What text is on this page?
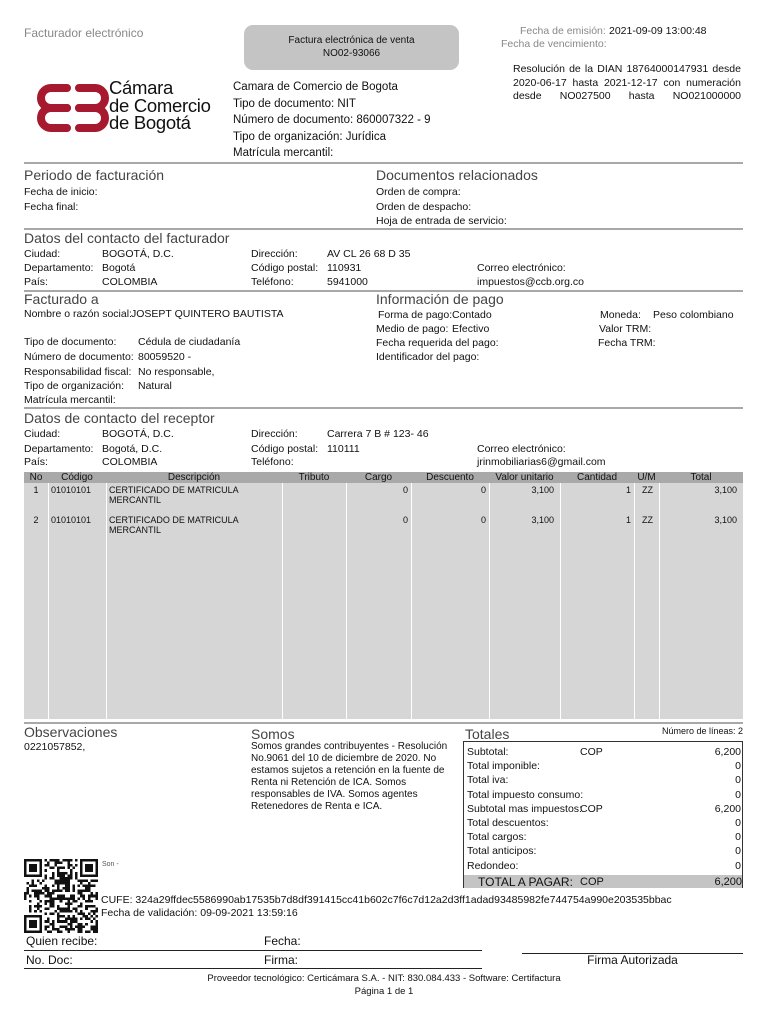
Facturador electrónico
Factura electrónica de venta
NO02-93066
Fecha de emisión: 2021-09-09 13:00:48
Fecha de vencimiento:
Resolución de la DIAN 18764000147931 desde
2020-06-17 hasta 2021-12-17 con numeración
desde NO027500 hasta NO021000000
Cámara
de Comercio
de Bogotá
Camara de Comercio de Bogota
Tipo de documento: NIT
Número de documento: 860007322 - 9
Tipo de organización: Jurídica
Matrícula mercantil:
Periodo de facturación
Fecha de inicio:
Fecha final:
Documentos relacionados
Orden de compra:
Orden de despacho:
Hoja de entrada de servicio:
Datos del contacto del facturador
Ciudad:	BOGOTÁ, D.C.
Departamento: Bogotá
País:	COLOMBIA
Dirección:	AV CL 26 68 D 35
Código postal: 110931
Teléfono:	5941000
Correo electrónico:
impuestos@ccb.org.co
Facturado a
Nombre o razón social: JOSEPT QUINTERO BAUTISTA
Tipo de documento: Cédula de ciudadanía
Número de documento: 80059520 -
Responsabilidad fiscal: No responsable,
Tipo de organización: Natural
Matrícula mercantil:
Información de pago
Forma de pago: Contado
Medio de pago: Efectivo
Fecha requerida del pago:
Identificador del pago:
Moneda: Peso colombiano
Valor TRM:
Fecha TRM:
Datos de contacto del receptor
Ciudad:	BOGOTÁ, D.C.
Departamento: Bogotá, D.C.
País:	COLOMBIA
Dirección:	Carrera 7 B # 123- 46
Código postal: 110111
Teléfono:
Correo electrónico:
jrinmobiliarias6@gmail.com
No	Código	Descripción	Tributo	Cargo	Descuento	Valor unitario	Cantidad	U/M	Total
1	01010101	CERTIFICADO DE MATRICULA
MERCANTIL		0	0	3,100	1	ZZ	3,100
2	01010101	CERTIFICADO DE MATRICULA
MERCANTIL		0	0	3,100	1	ZZ	3,100
Observaciones
0221057852,
Somos
Somos grandes contribuyentes - Resolución No.9061 del 10 de diciembre de 2020. No estamos sujetos a retención en la fuente de Renta ni Retención de ICA. Somos responsables de IVA. Somos agentes Retenedores de Renta e ICA.
Totales	Número de líneas: 2
Subtotal:	COP	6,200
Total imponible:	0
Total iva:	0
Total impuesto consumo:	0
Subtotal mas impuestos:
COP	6,200
Total descuentos:	0
Total cargos:	0
Total anticipos:	0
Redondeo:	0
TOTAL A PAGAR: COP	6,200
Son -
CUFE: 324a29ffdec5586990ab17535b7d8df391415cc41b602c7f6c7d12a2d3ff1adad93485982fe744754a990e203535bbac
Fecha de validación: 09-09-2021 13:59:16
Quien recibe:	Fecha:
No. Doc:	Firma:	Firma Autorizada
Proveedor tecnológico: Certicámara S.A. - NIT: 830.084.433 - Software: Certifactura
Página 1 de 1
